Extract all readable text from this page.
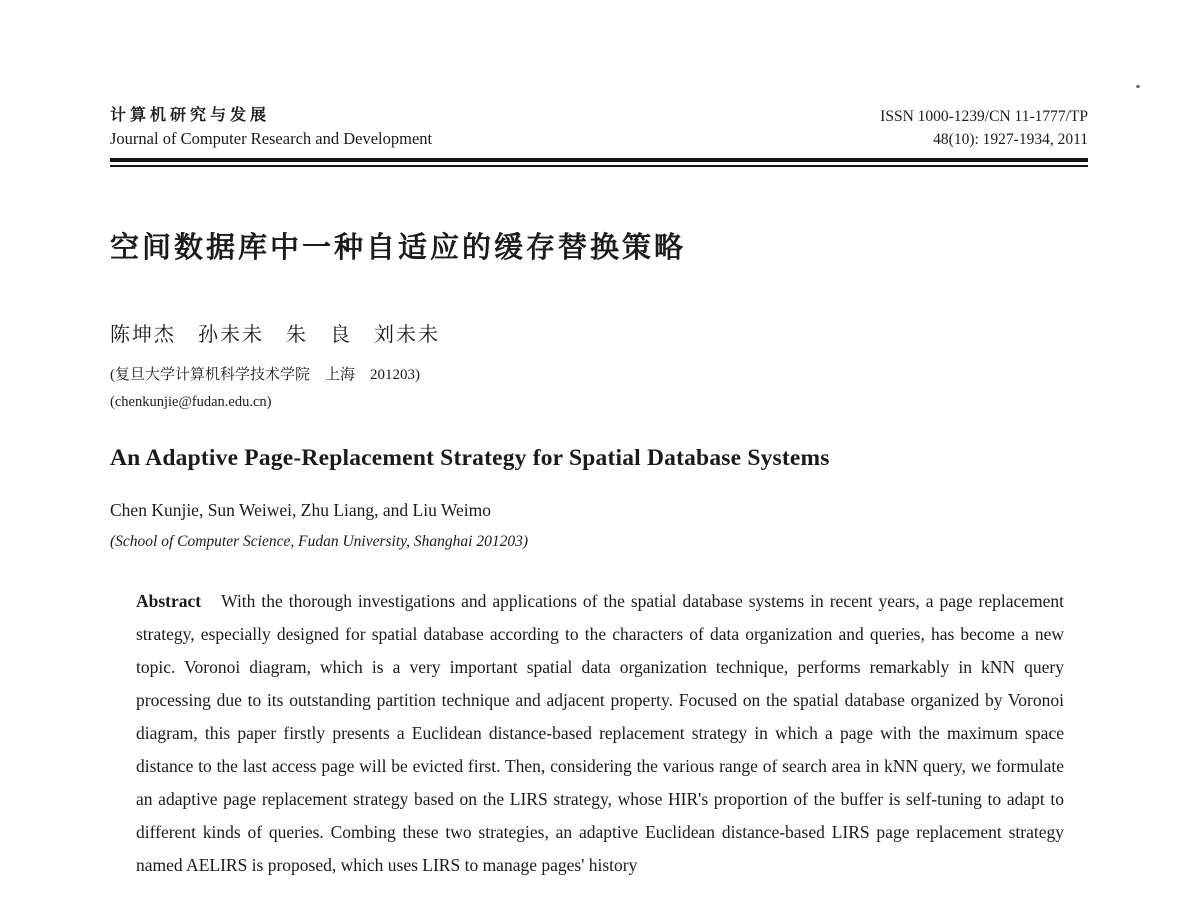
计算机研究与发展
Journal of Computer Research and Development
ISSN 1000-1239/CN 11-1777/TP
48(10): 1927-1934, 2011
空间数据库中一种自适应的缓存替换策略
陈坤杰　孙未未　朱　良　刘未未
(复旦大学计算机科学技术学院　上海　201203)
(chenkunjie@fudan.edu.cn)
An Adaptive Page-Replacement Strategy for Spatial Database Systems
Chen Kunjie, Sun Weiwei, Zhu Liang, and Liu Weimo
(School of Computer Science, Fudan University, Shanghai 201203)

Abstract With the thorough investigations and applications of the spatial database systems in recent years, a page replacement strategy, especially designed for spatial database according to the characters of data organization and queries, has become a new topic. Voronoi diagram, which is a very important spatial data organization technique, performs remarkably in kNN query processing due to its outstanding partition technique and adjacent property. Focused on the spatial database organized by Voronoi diagram, this paper firstly presents a Euclidean distance-based replacement strategy in which a page with the maximum space distance to the last access page will be evicted first. Then, considering the various range of search area in kNN query, we formulate an adaptive page replacement strategy based on the LIRS strategy, whose HIR's proportion of the buffer is self-tuning to adapt to different kinds of queries. Combing these two strategies, an adaptive Euclidean distance-based LIRS page replacement strategy named AELIRS is proposed, which uses LIRS to manage pages' history
